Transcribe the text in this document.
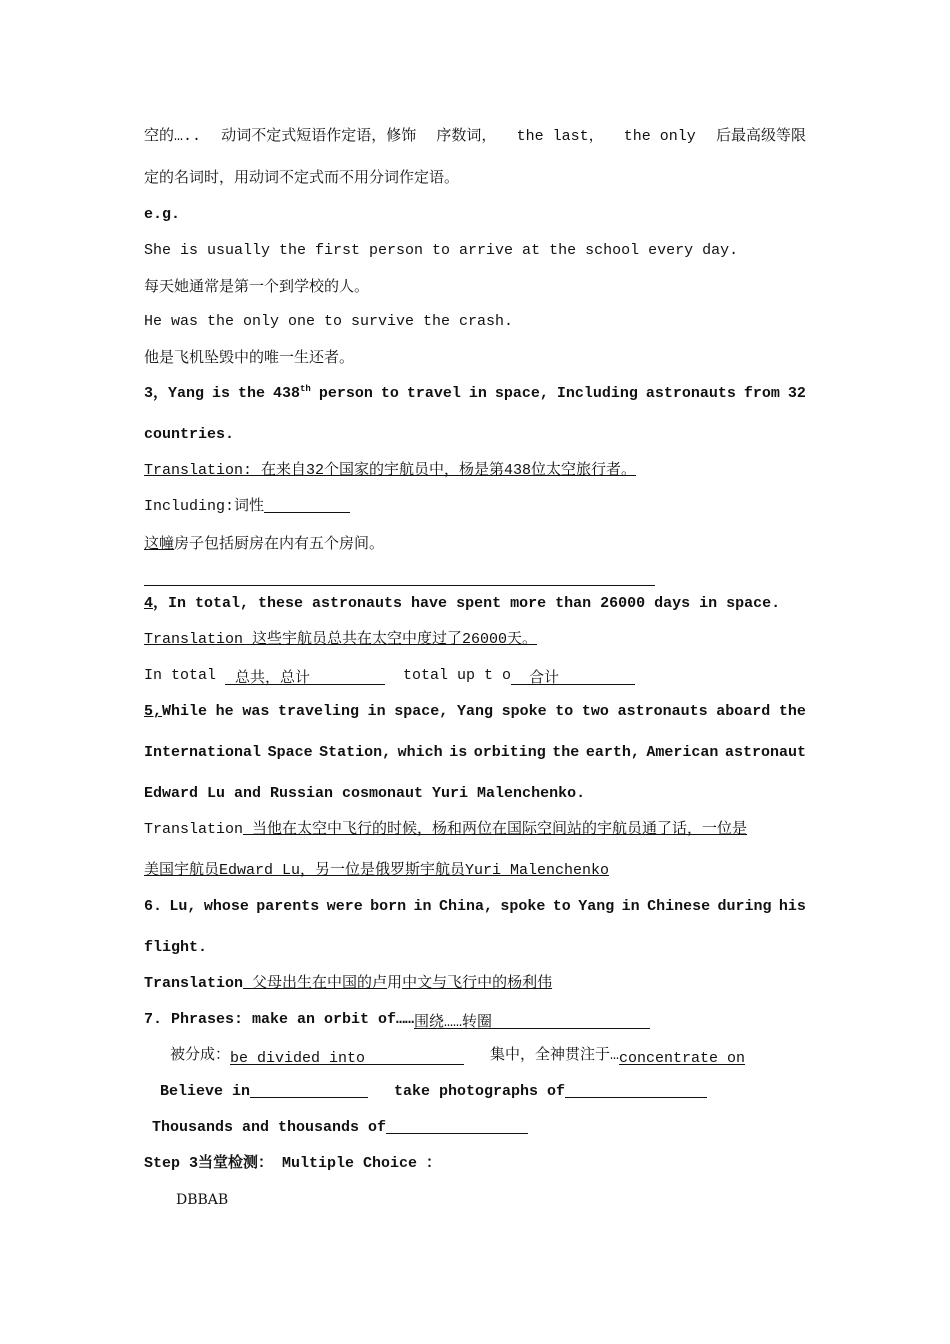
空的….. 动词不定式短语作定语，修饰 序数词， the last， the only 后最高级等限
定的名词时，用动词不定式而不用分词作定语。
e.g.
She is usually the first person to arrive at the school every day.
每天她通常是第一个到学校的人。
He was the only one to survive the crash.
他是飞机坠毁中的唯一生还者。
3，Yang is the 438th person to travel in space, Including astronauts from 32
countries.
Translation: 在来自32个国家的宇航员中，杨是第438位太空旅行者。
Including:词性
这幢房子包括厨房在内有五个房间。
4，In total, these astronauts have spent more than 26000 days in space.
Translation 这些宇航员总共在太空中度过了26000天。
In total 总共，总计	total up t o 合计
5,While he was traveling in space, Yang spoke to two astronauts aboard the
International Space Station, which is orbiting the earth, American astronaut
Edward Lu and Russian cosmonaut Yuri Malenchenko.
Translation 当他在太空中飞行的时候，杨和两位在国际空间站的宇航员通了话，一位是
美国宇航员Edward Lu，另一位是俄罗斯宇航员Yuri Malenchenko
6. Lu, whose parents were born in China, spoke to Yang in Chinese during his
flight.
Translation 父母出生在中国的卢用中文与飞行中的杨利伟
7. Phrases: make an orbit of……围绕……转圈
被分成：be divided into	集中，全神贯注于…concentrate on
Believe in	take photographs of
Thousands and thousands of
Step 3当堂检测： Multiple Choice ：
DBBAB
